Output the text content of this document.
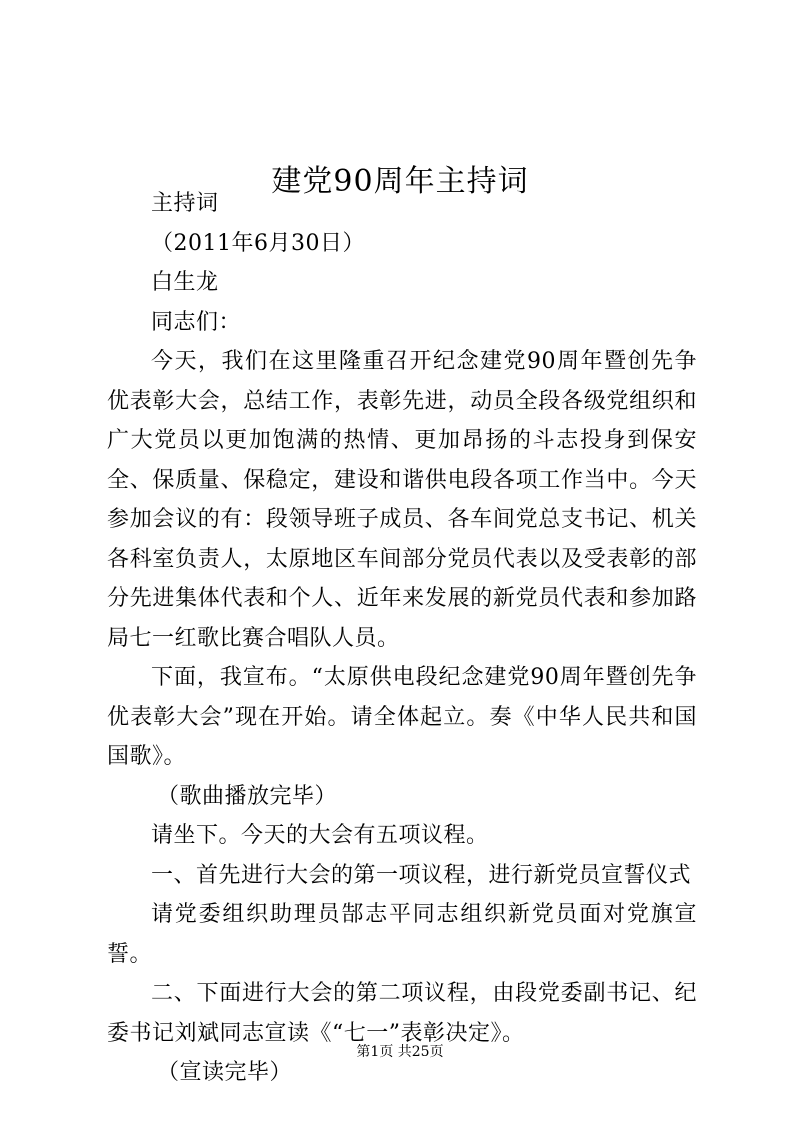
建党90周年主持词

主持词

（2011年6月30日）

白生龙

同志们：

今天，我们在这里隆重召开纪念建党90周年暨创先争优表彰大会，总结工作，表彰先进，动员全段各级党组织和广大党员以更加饱满的热情、更加昂扬的斗志投身到保安全、保质量、保稳定，建设和谐供电段各项工作当中。今天参加会议的有：段领导班子成员、各车间党总支书记、机关各科室负责人，太原地区车间部分党员代表以及受表彰的部分先进集体代表和个人、近年来发展的新党员代表和参加路局七一红歌比赛合唱队人员。

下面，我宣布。“太原供电段纪念建党90周年暨创先争优表彰大会”现在开始。请全体起立。奏《中华人民共和国国歌》。

（歌曲播放完毕）

请坐下。今天的大会有五项议程。

一、首先进行大会的第一项议程，进行新党员宣誓仪式

请党委组织助理员郜志平同志组织新党员面对党旗宣誓。

二、下面进行大会的第二项议程，由段党委副书记、纪委书记刘斌同志宣读《“七一”表彰决定》。

（宣读完毕）

第1页 共25页
